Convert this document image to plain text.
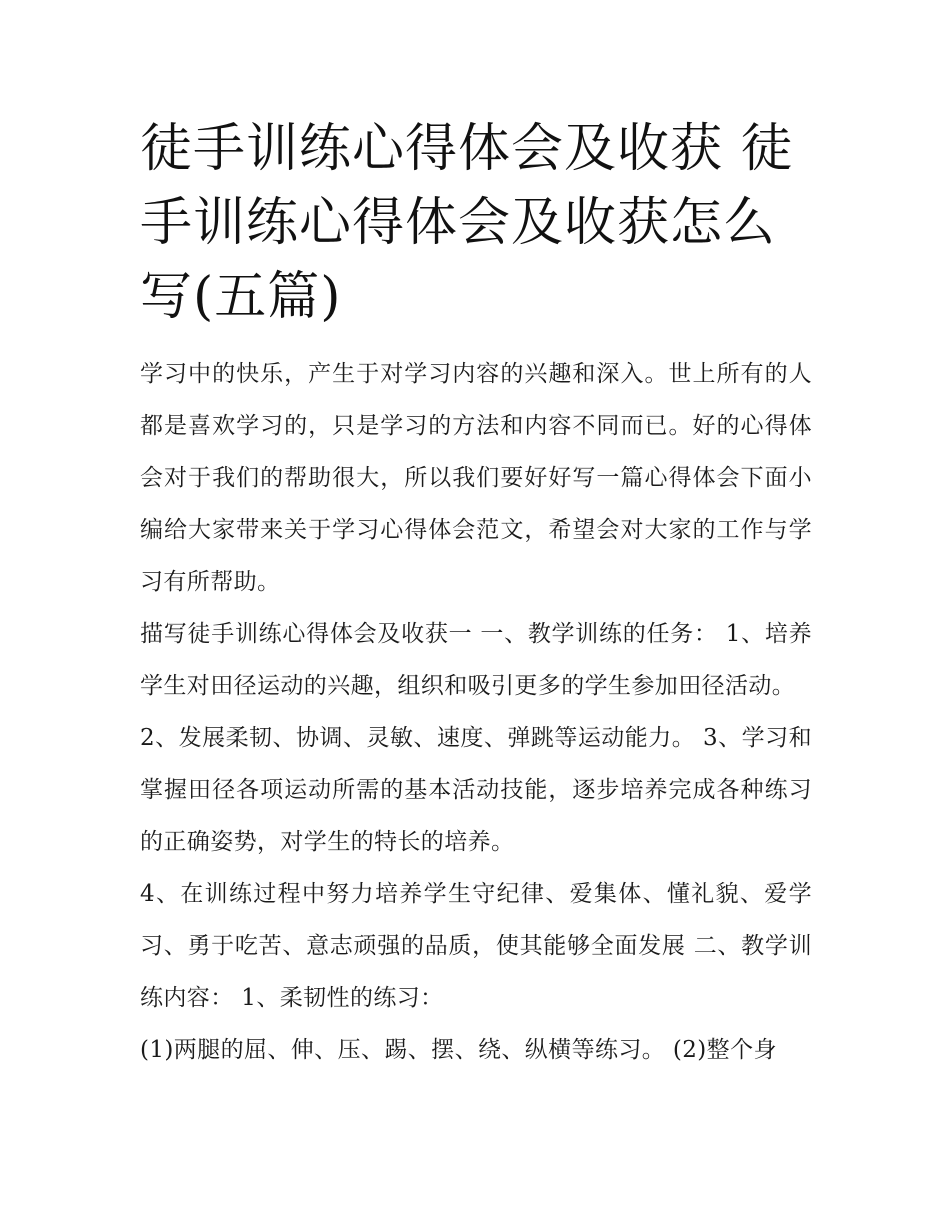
徒手训练心得体会及收获 徒手训练心得体会及收获怎么写(五篇)

学习中的快乐，产生于对学习内容的兴趣和深入。世上所有的人都是喜欢学习的，只是学习的方法和内容不同而已。好的心得体会对于我们的帮助很大，所以我们要好好写一篇心得体会下面小编给大家带来关于学习心得体会范文，希望会对大家的工作与学习有所帮助。

描写徒手训练心得体会及收获一 一、教学训练的任务： 1、培养学生对田径运动的兴趣，组织和吸引更多的学生参加田径活动。

2、发展柔韧、协调、灵敏、速度、弹跳等运动能力。 3、学习和掌握田径各项运动所需的基本活动技能，逐步培养完成各种练习的正确姿势，对学生的特长的培养。

4、在训练过程中努力培养学生守纪律、爱集体、懂礼貌、爱学习、勇于吃苦、意志顽强的品质，使其能够全面发展 二、教学训练内容： 1、柔韧性的练习：

(1)两腿的屈、伸、压、踢、摆、绕、纵横等练习。 (2)整个身
